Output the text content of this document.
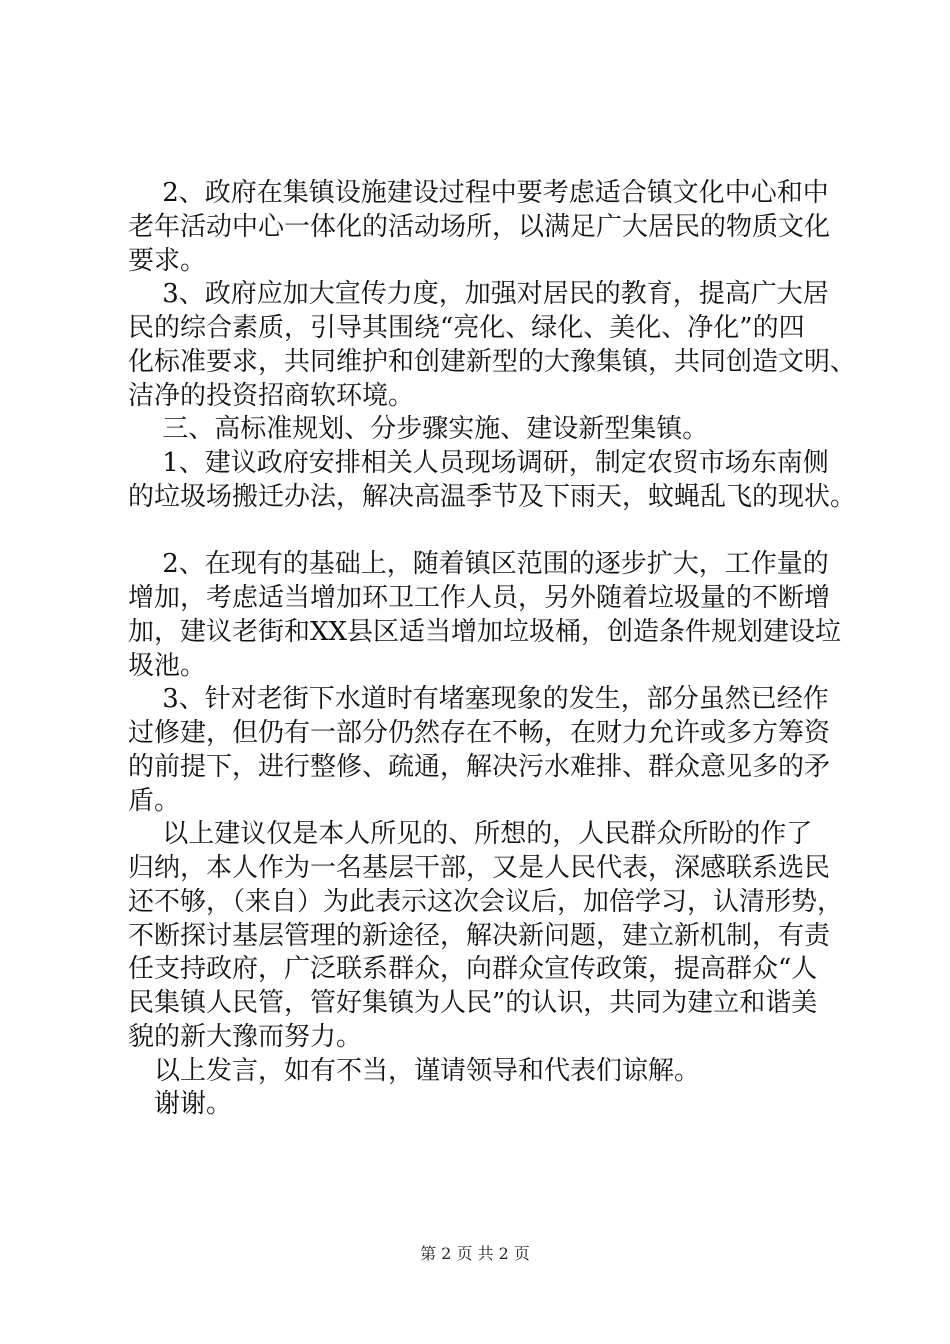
　 2、政府在集镇设施建设过程中要考虑适合镇文化中心和中
老年活动中心一体化的活动场所，以满足广大居民的物质文化
要求。
　 3、政府应加大宣传力度，加强对居民的教育，提高广大居
民的综合素质，引导其围绕“亮化、绿化、美化、净化”的四
化标准要求，共同维护和创建新型的大豫集镇，共同创造文明、
洁净的投资招商软环境。
　 三、高标准规划、分步骤实施、建设新型集镇。
　 1、建议政府安排相关人员现场调研，制定农贸市场东南侧
的垃圾场搬迁办法，解决高温季节及下雨天，蚊蝇乱飞的现状。
　 2、在现有的基础上，随着镇区范围的逐步扩大，工作量的
增加，考虑适当增加环卫工作人员，另外随着垃圾量的不断增
加，建议老街和XX县区适当增加垃圾桶，创造条件规划建设垃
圾池。
　 3、针对老街下水道时有堵塞现象的发生，部分虽然已经作
过修建，但仍有一部分仍然存在不畅，在财力允许或多方筹资
的前提下，进行整修、疏通，解决污水难排、群众意见多的矛
盾。
　 以上建议仅是本人所见的、所想的，人民群众所盼的作了
归纳，本人作为一名基层干部，又是人民代表，深感联系选民
还不够，（来自）为此表示这次会议后，加倍学习，认清形势，
不断探讨基层管理的新途径，解决新问题，建立新机制，有责
任支持政府，广泛联系群众，向群众宣传政策，提高群众“人
民集镇人民管，管好集镇为人民”的认识，共同为建立和谐美
貌的新大豫而努力。
　以上发言，如有不当，谨请领导和代表们谅解。
　谢谢。
第 2 页 共 2 页
